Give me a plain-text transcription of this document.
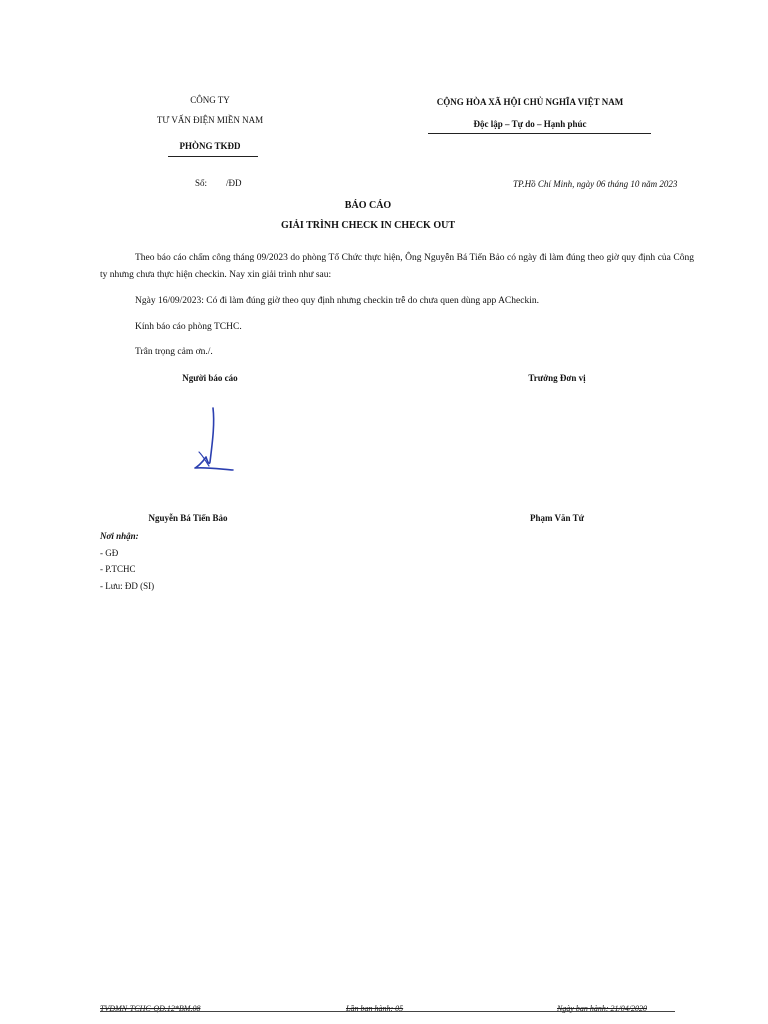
CÔNG TY
TƯ VẤN ĐIỆN MIỀN NAM
PHÒNG TKĐD
CỘNG HÒA XÃ HỘI CHỦ NGHĨA VIỆT NAM
Độc lập – Tự do – Hạnh phúc
Số: /ĐD	TP.Hồ Chí Minh, ngày 06 tháng 10 năm 2023
BÁO CÁO
GIẢI TRÌNH CHECK IN CHECK OUT
Theo báo cáo chấm công tháng 09/2023 do phòng Tổ Chức thực hiện, Ông Nguyễn Bá Tiến Bảo có ngày đi làm đúng theo giờ quy định của Công ty nhưng chưa thực hiện checkin. Nay xin giải trình như sau:
Ngày 16/09/2023: Có đi làm đúng giờ theo quy định nhưng checkin trễ do chưa quen dùng app ACheckin.
Kính báo cáo phòng TCHC.
Trân trọng cảm ơn./.
Người báo cáo	Trưởng Đơn vị
Nguyễn Bá Tiến Bảo	Phạm Văn Tứ
Nơi nhận:
- GĐ
- P.TCHC
- Lưu: ĐD (SI)
TVĐMN-TCHC-QĐ.12*BM.08	Lần ban hành: 05	Ngày ban hành: 21/04/2020
